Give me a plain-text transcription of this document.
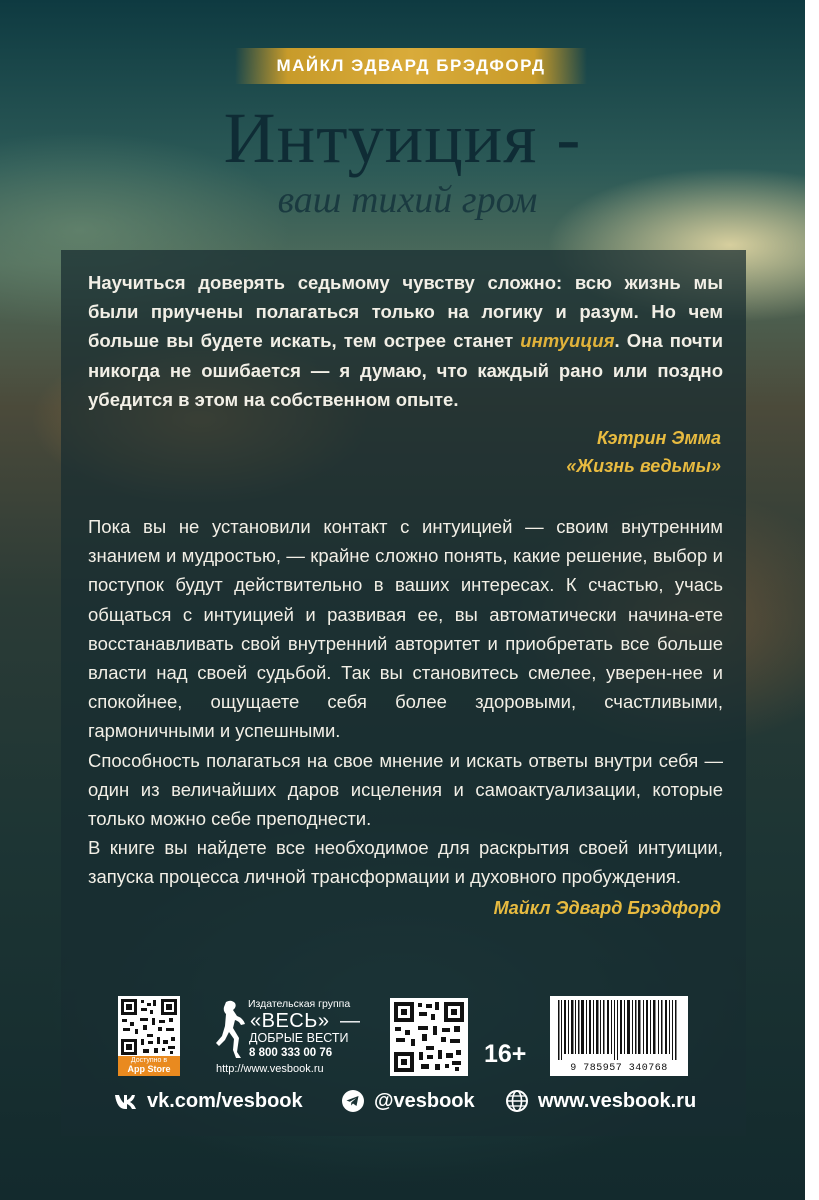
МАЙКЛ ЭДВАРД БРЭДФОРД
Интуиция -
ваш тихий гром
Научиться доверять седьмому чувству сложно: всю жизнь мы были приучены полагаться только на логику и разум. Но чем больше вы будете искать, тем острее станет интуиция. Она почти никогда не ошибается — я думаю, что каждый рано или поздно убедится в этом на собственном опыте.
Кэтрин Эмма
«Жизнь ведьмы»

Пока вы не установили контакт с интуицией — своим внутренним знанием и мудростью, — крайне сложно понять, какие решение, выбор и поступок будут действительно в ваших интересах. К счастью, учась общаться с интуицией и развивая ее, вы автоматически начина-ете восстанавливать свой внутренний авторитет и приобретать все больше власти над своей судьбой. Так вы становитесь смелее, уверен-нее и спокойнее, ощущаете себя более здоровыми, счастливыми, гармоничными и успешными.

Способность полагаться на свое мнение и искать ответы внутри себя — один из величайших даров исцеления и самоактуализации, которые только можно себе преподнести.

В книге вы найдете все необходимое для раскрытия своей интуиции, запуска процесса личной трансформации и духовного пробуждения.

Майкл Эдвард Брэдфорд
Доступно в
App Store
Издательская группа
«ВЕСЬ» —
ДОБРЫЕ ВЕСТИ
8 800 333 00 76
http://www.vesbook.ru
16+
9 785957 340768
vk.com/vesbook	@vesbook	www.vesbook.ru
